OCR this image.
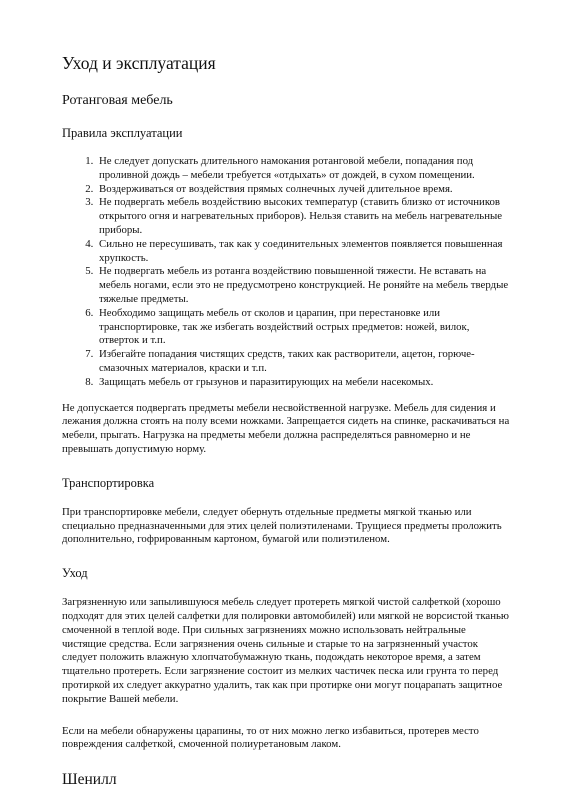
Уход и эксплуатация
Ротанговая мебель
Правила эксплуатации
1. Не следует допускать длительного намокания ротанговой мебели, попадания под проливной дождь – мебели требуется «отдыхать» от дождей, в сухом помещении.
2. Воздерживаться от воздействия прямых солнечных лучей длительное время.
3. Не подвергать мебель воздействию высоких температур (ставить близко от источников открытого огня и нагревательных приборов). Нельзя ставить на мебель нагревательные приборы.
4. Сильно не пересушивать, так как у соединительных элементов появляется повышенная хрупкость.
5. Не подвергать мебель из ротанга воздействию повышенной тяжести. Не вставать на мебель ногами, если это не предусмотрено конструкцией. Не роняйте на мебель твердые тяжелые предметы.
6. Необходимо защищать мебель от сколов и царапин, при перестановке или транспортировке, так же избегать воздействий острых предметов: ножей, вилок, отверток и т.п.
7. Избегайте попадания чистящих средств, таких как растворители, ацетон, горюче-смазочных материалов, краски и т.п.
8. Защищать мебель от грызунов и паразитирующих на мебели насекомых.

Не допускается подвергать предметы мебели несвойственной нагрузке. Мебель для сидения и лежания должна стоять на полу всеми ножками. Запрещается сидеть на спинке, раскачиваться на мебели, прыгать. Нагрузка на предметы мебели должна распределяться равномерно и не превышать допустимую норму.

Транспортировка

При транспортировке мебели, следует обернуть отдельные предметы мягкой тканью или специально предназначенными для этих целей полиэтиленами. Трущиеся предметы проложить дополнительно, гофрированным картоном, бумагой или полиэтиленом.

Уход

Загрязненную или запылившуюся мебель следует протереть мягкой чистой салфеткой (хорошо подходят для этих целей салфетки для полировки автомобилей) или мягкой не ворсистой тканью смоченной в теплой воде. При сильных загрязнениях можно использовать нейтральные чистящие средства. Если загрязнения очень сильные и старые то на загрязненный участок следует положить влажную хлопчатобумажную ткань, подождать некоторое время, а затем тщательно протереть. Если загрязнение состоит из мелких частичек песка или грунта то перед протиркой их следует аккуратно удалить, так как при протирке они могут поцарапать защитное покрытие Вашей мебели.

Если на мебели обнаружены царапины, то от них можно легко избавиться, протерев место повреждения салфеткой, смоченной полиуретановым лаком.

Шенилл
